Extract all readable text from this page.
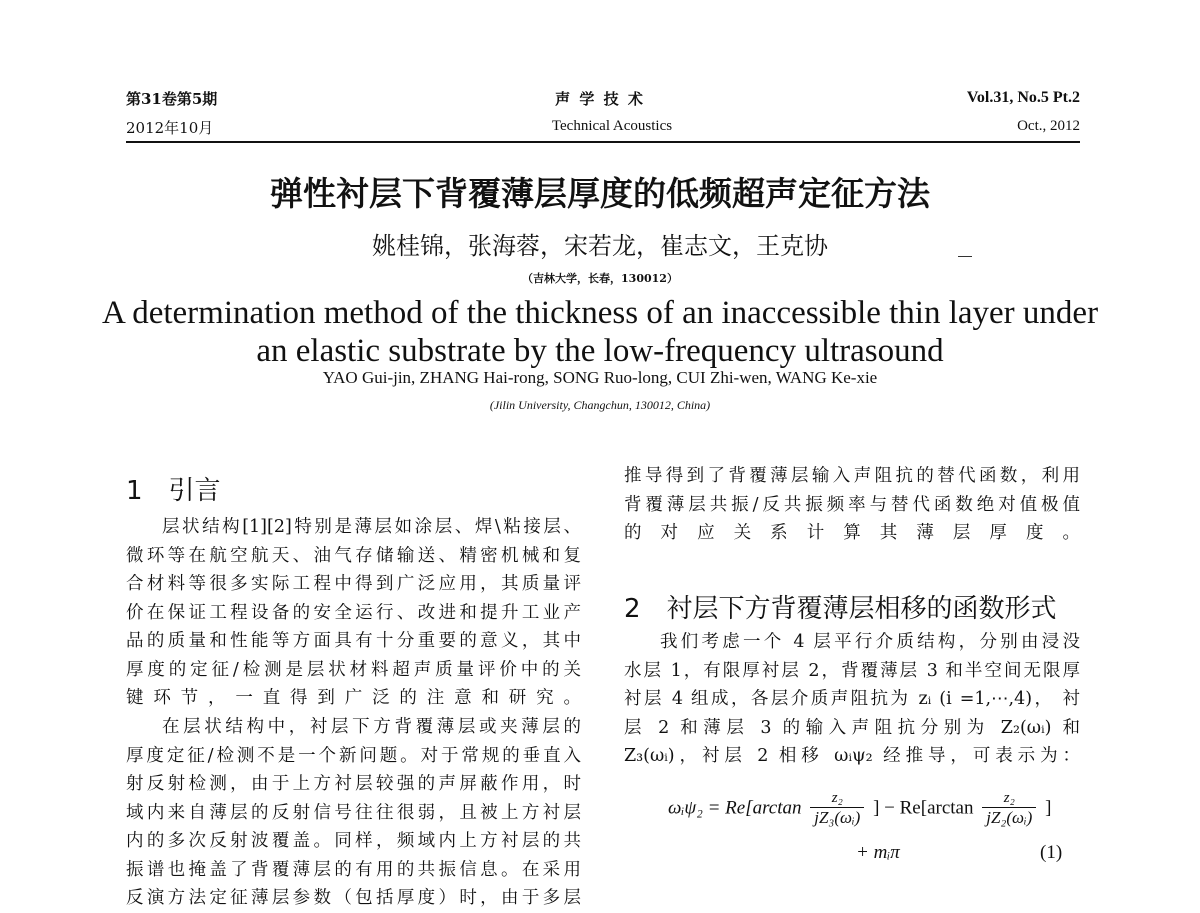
第31卷第5期
2012年10月
声 学 技 术
Technical Acoustics
Vol.31, No.5 Pt.2
Oct., 2012
弹性衬层下背覆薄层厚度的低频超声定征方法
姚桂锦，张海蓉，宋若龙，崔志文，王克协
（吉林大学，长春，130012）
A determination method of the thickness of an inaccessible thin layer under
an elastic substrate by the low-frequency ultrasound
YAO Gui-jin, ZHANG Hai-rong, SONG Ruo-long, CUI Zhi-wen, WANG Ke-xie
(Jilin University, Changchun, 130012, China)
1　引言
层状结构[1][2]特别是薄层如涂层、焊\粘接层、
微环等在航空航天、油气存储输送、精密机械和复
合材料等很多实际工程中得到广泛应用，其质量评
价在保证工程设备的安全运行、改进和提升工业产
品的质量和性能等方面具有十分重要的意义，其中
厚度的定征/检测是层状材料超声质量评价中的关
键环节，一直得到广泛的注意和研究。
在层状结构中，衬层下方背覆薄层或夹薄层的
厚度定征/检测不是一个新问题。对于常规的垂直入
射反射检测，由于上方衬层较强的声屏蔽作用，时
域内来自薄层的反射信号往往很弱，且被上方衬层
内的多次反射波覆盖。同样，频域内上方衬层的共
振谱也掩盖了背覆薄层的有用的共振信息。在采用
反演方法定征薄层参数（包括厚度）时，由于多层
推导得到了背覆薄层输入声阻抗的替代函数，利用
背覆薄层共振/反共振频率与替代函数绝对值极值
的对应关系计算其薄层厚度。
2　衬层下方背覆薄层相移的函数形式
我们考虑一个 4 层平行介质结构，分别由浸没
水层 1，有限厚衬层 2，背覆薄层 3 和半空间无限厚
衬层 4 组成，各层介质声阻抗为 zᵢ (i =1,⋯,4)， 衬
层 2 和薄层 3 的输入声阻抗分别为 Z₂(ωᵢ) 和
Z₃(ωᵢ)，衬层 2 相移 ωᵢψ₂ 经推导，可表示为：
ωᵢψ₂ = $Re[\arctan \frac{\text{z₂}}{\text{jZ₃(ωᵢ)}}$ ] − $Re[\arctan \frac{\text{z₂}}{\text{jZ₂(ωᵢ)}}$ ]
+ mᵢπ	(1)
